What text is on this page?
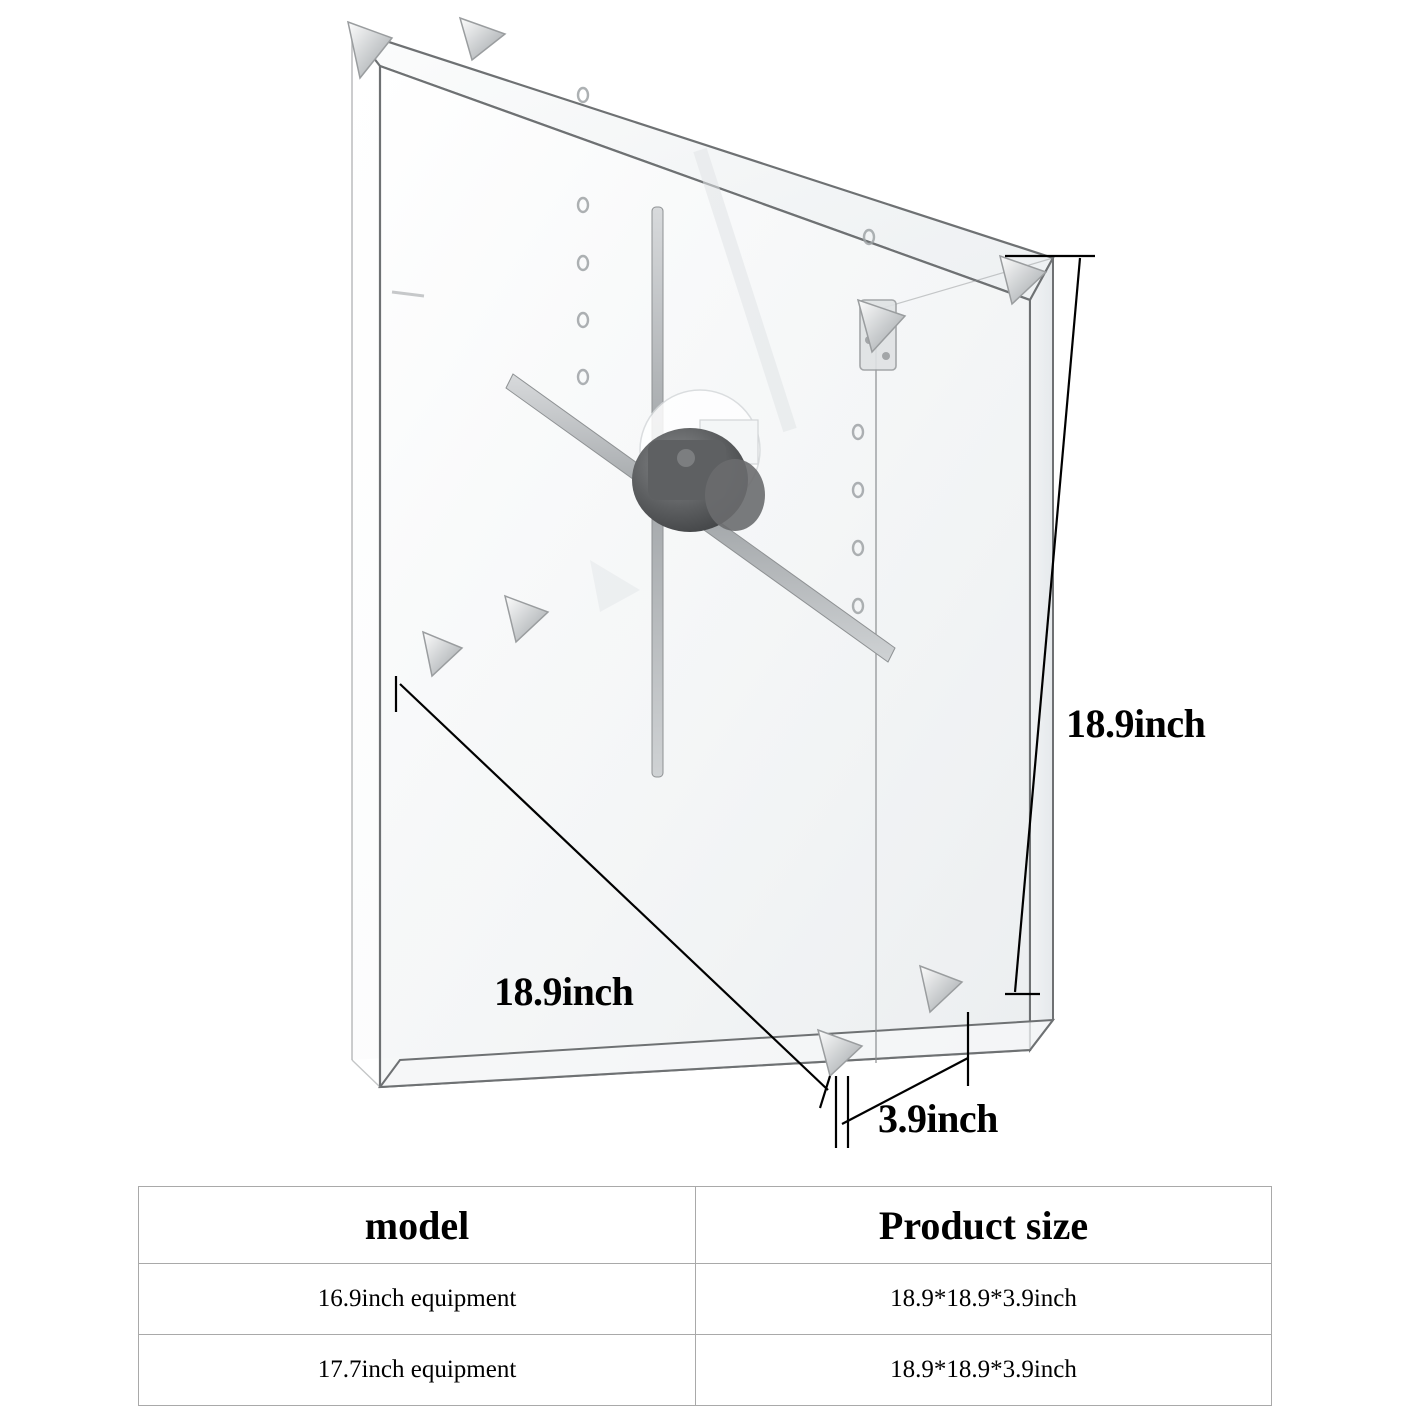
18.9inch
18.9inch
3.9inch
model	Product size
16.9inch equipment	18.9*18.9*3.9inch
17.7inch equipment	18.9*18.9*3.9inch
